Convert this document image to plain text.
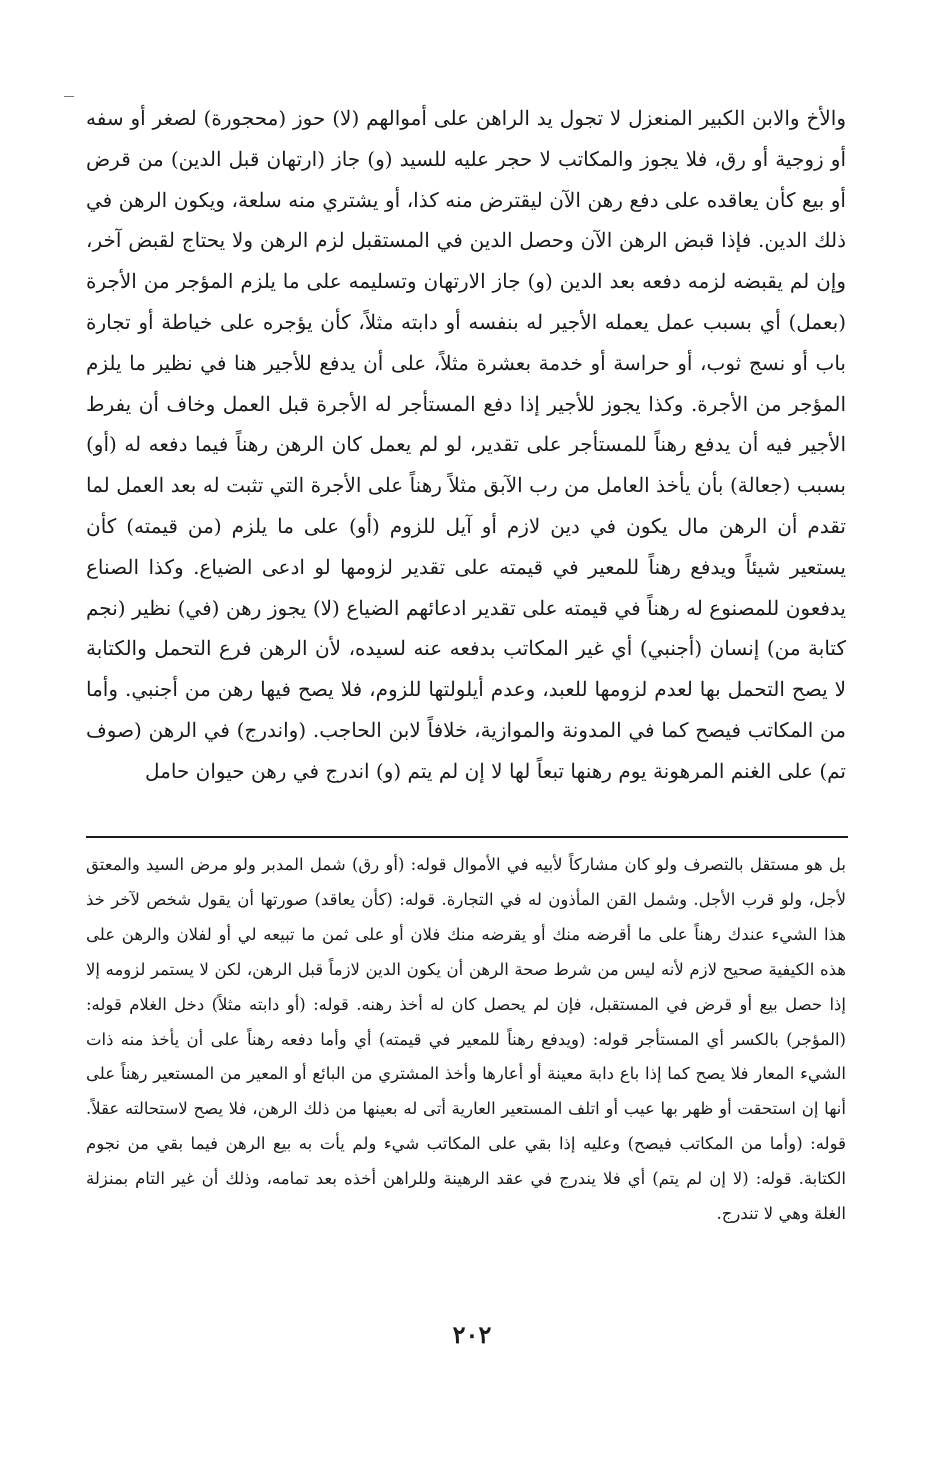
والأخ والابن الكبير المنعزل لا تجول يد الراهن على أموالهم (لا) حوز (محجورة) لصغر أو سفه أو زوجية أو رق، فلا يجوز والمكاتب لا حجر عليه للسيد (و) جاز (ارتهان قبل الدين) من قرض أو بيع كأن يعاقده على دفع رهن الآن ليقترض منه كذا، أو يشتري منه سلعة، ويكون الرهن في ذلك الدين. فإذا قبض الرهن الآن وحصل الدين في المستقبل لزم الرهن ولا يحتاج لقبض آخر، وإن لم يقبضه لزمه دفعه بعد الدين (و) جاز الارتهان وتسليمه على ما يلزم المؤجر من الأجرة (بعمل) أي بسبب عمل يعمله الأجير له بنفسه أو دابته مثلاً، كأن يؤجره على خياطة أو تجارة باب أو نسج ثوب، أو حراسة أو خدمة بعشرة مثلاً، على أن يدفع للأجير هنا في نظير ما يلزم المؤجر من الأجرة. وكذا يجوز للأجير إذا دفع المستأجر له الأجرة قبل العمل وخاف أن يفرط الأجير فيه أن يدفع رهناً للمستأجر على تقدير، لو لم يعمل كان الرهن رهناً فيما دفعه له (أو) بسبب (جعالة) بأن يأخذ العامل من رب الآبق مثلاً رهناً على الأجرة التي تثبت له بعد العمل لما تقدم أن الرهن مال يكون في دين لازم أو آيل للزوم (أو) على ما يلزم (من قيمته) كأن يستعير شيئاً ويدفع رهناً للمعير في قيمته على تقدير لزومها لو ادعى الضياع. وكذا الصناع يدفعون للمصنوع له رهناً في قيمته على تقدير ادعائهم الضياع (لا) يجوز رهن (في) نظير (نجم كتابة من) إنسان (أجنبي) أي غير المكاتب بدفعه عنه لسيده، لأن الرهن فرع التحمل والكتابة لا يصح التحمل بها لعدم لزومها للعبد، وعدم أيلولتها للزوم، فلا يصح فيها رهن من أجنبي. وأما من المكاتب فيصح كما في المدونة والموازية، خلافاً لابن الحاجب. (واندرج) في الرهن (صوف تم) على الغنم المرهونة يوم رهنها تبعاً لها لا إن لم يتم (و) اندرج في رهن حيوان حامل

بل هو مستقل بالتصرف ولو كان مشاركاً لأبيه في الأموال قوله: (أو رق) شمل المدبر ولو مرض السيد والمعتق لأجل، ولو قرب الأجل. وشمل القن المأذون له في التجارة. قوله: (كأن يعاقد) صورتها أن يقول شخص لآخر خذ هذا الشيء عندك رهناً على ما أقرضه منك أو يقرضه منك فلان أو على ثمن ما تبيعه لي أو لفلان والرهن على هذه الكيفية صحيح لازم لأنه ليس من شرط صحة الرهن أن يكون الدين لازماً قبل الرهن، لكن لا يستمر لزومه إلا إذا حصل بيع أو قرض في المستقبل، فإن لم يحصل كان له أخذ رهنه. قوله: (أو دابته مثلاً) دخل الغلام قوله: (المؤجر) بالكسر أي المستأجر قوله: (ويدفع رهناً للمعير في قيمته) أي وأما دفعه رهناً على أن يأخذ منه ذات الشيء المعار فلا يصح كما إذا باع دابة معينة أو أعارها وأخذ المشتري من البائع أو المعير من المستعير رهناً على أنها إن استحقت أو ظهر بها عيب أو اتلف المستعير العارية أتى له بعينها من ذلك الرهن، فلا يصح لاستحالته عقلاً. قوله: (وأما من المكاتب فيصح) وعليه إذا بقي على المكاتب شيء ولم يأت به بيع الرهن فيما بقي من نجوم الكتابة. قوله: (لا إن لم يتم) أي فلا يندرج في عقد الرهينة وللراهن أخذه بعد تمامه، وذلك أن غير التام بمنزلة الغلة وهي لا تندرج.

٢٠٢
